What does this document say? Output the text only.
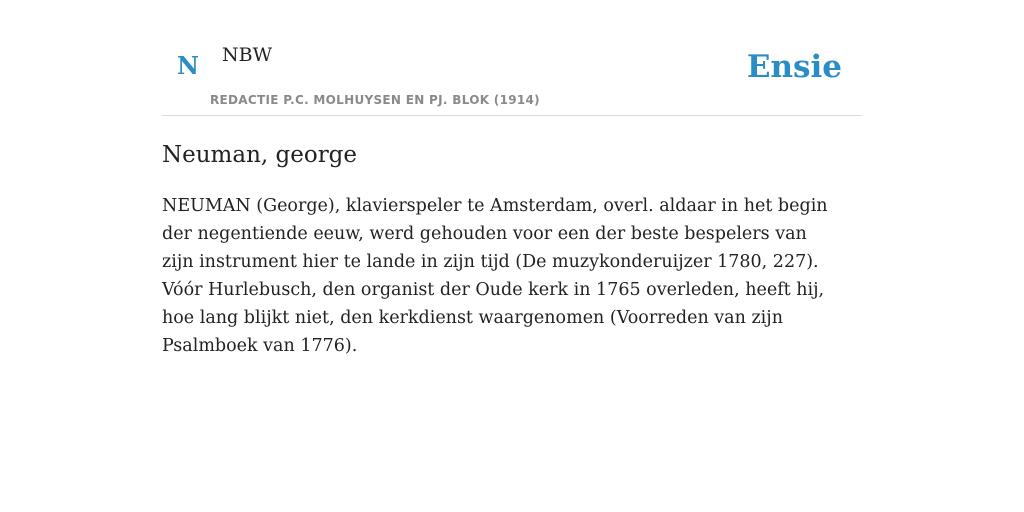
N NBW
REDACTIE P.C. MOLHUYSEN EN PJ. BLOK (1914)
Ensie
Neuman, george

NEUMAN (George), klavierspeler te Amsterdam, overl. aldaar in het begin der negentiende eeuw, werd gehouden voor een der beste bespelers van zijn instrument hier te lande in zijn tijd (De muzykonderuijzer 1780, 227). Vóór Hurlebusch, den organist der Oude kerk in 1765 overleden, heeft hij, hoe lang blijkt niet, den kerkdienst waargenomen (Voorreden van zijn Psalmboek van 1776).
